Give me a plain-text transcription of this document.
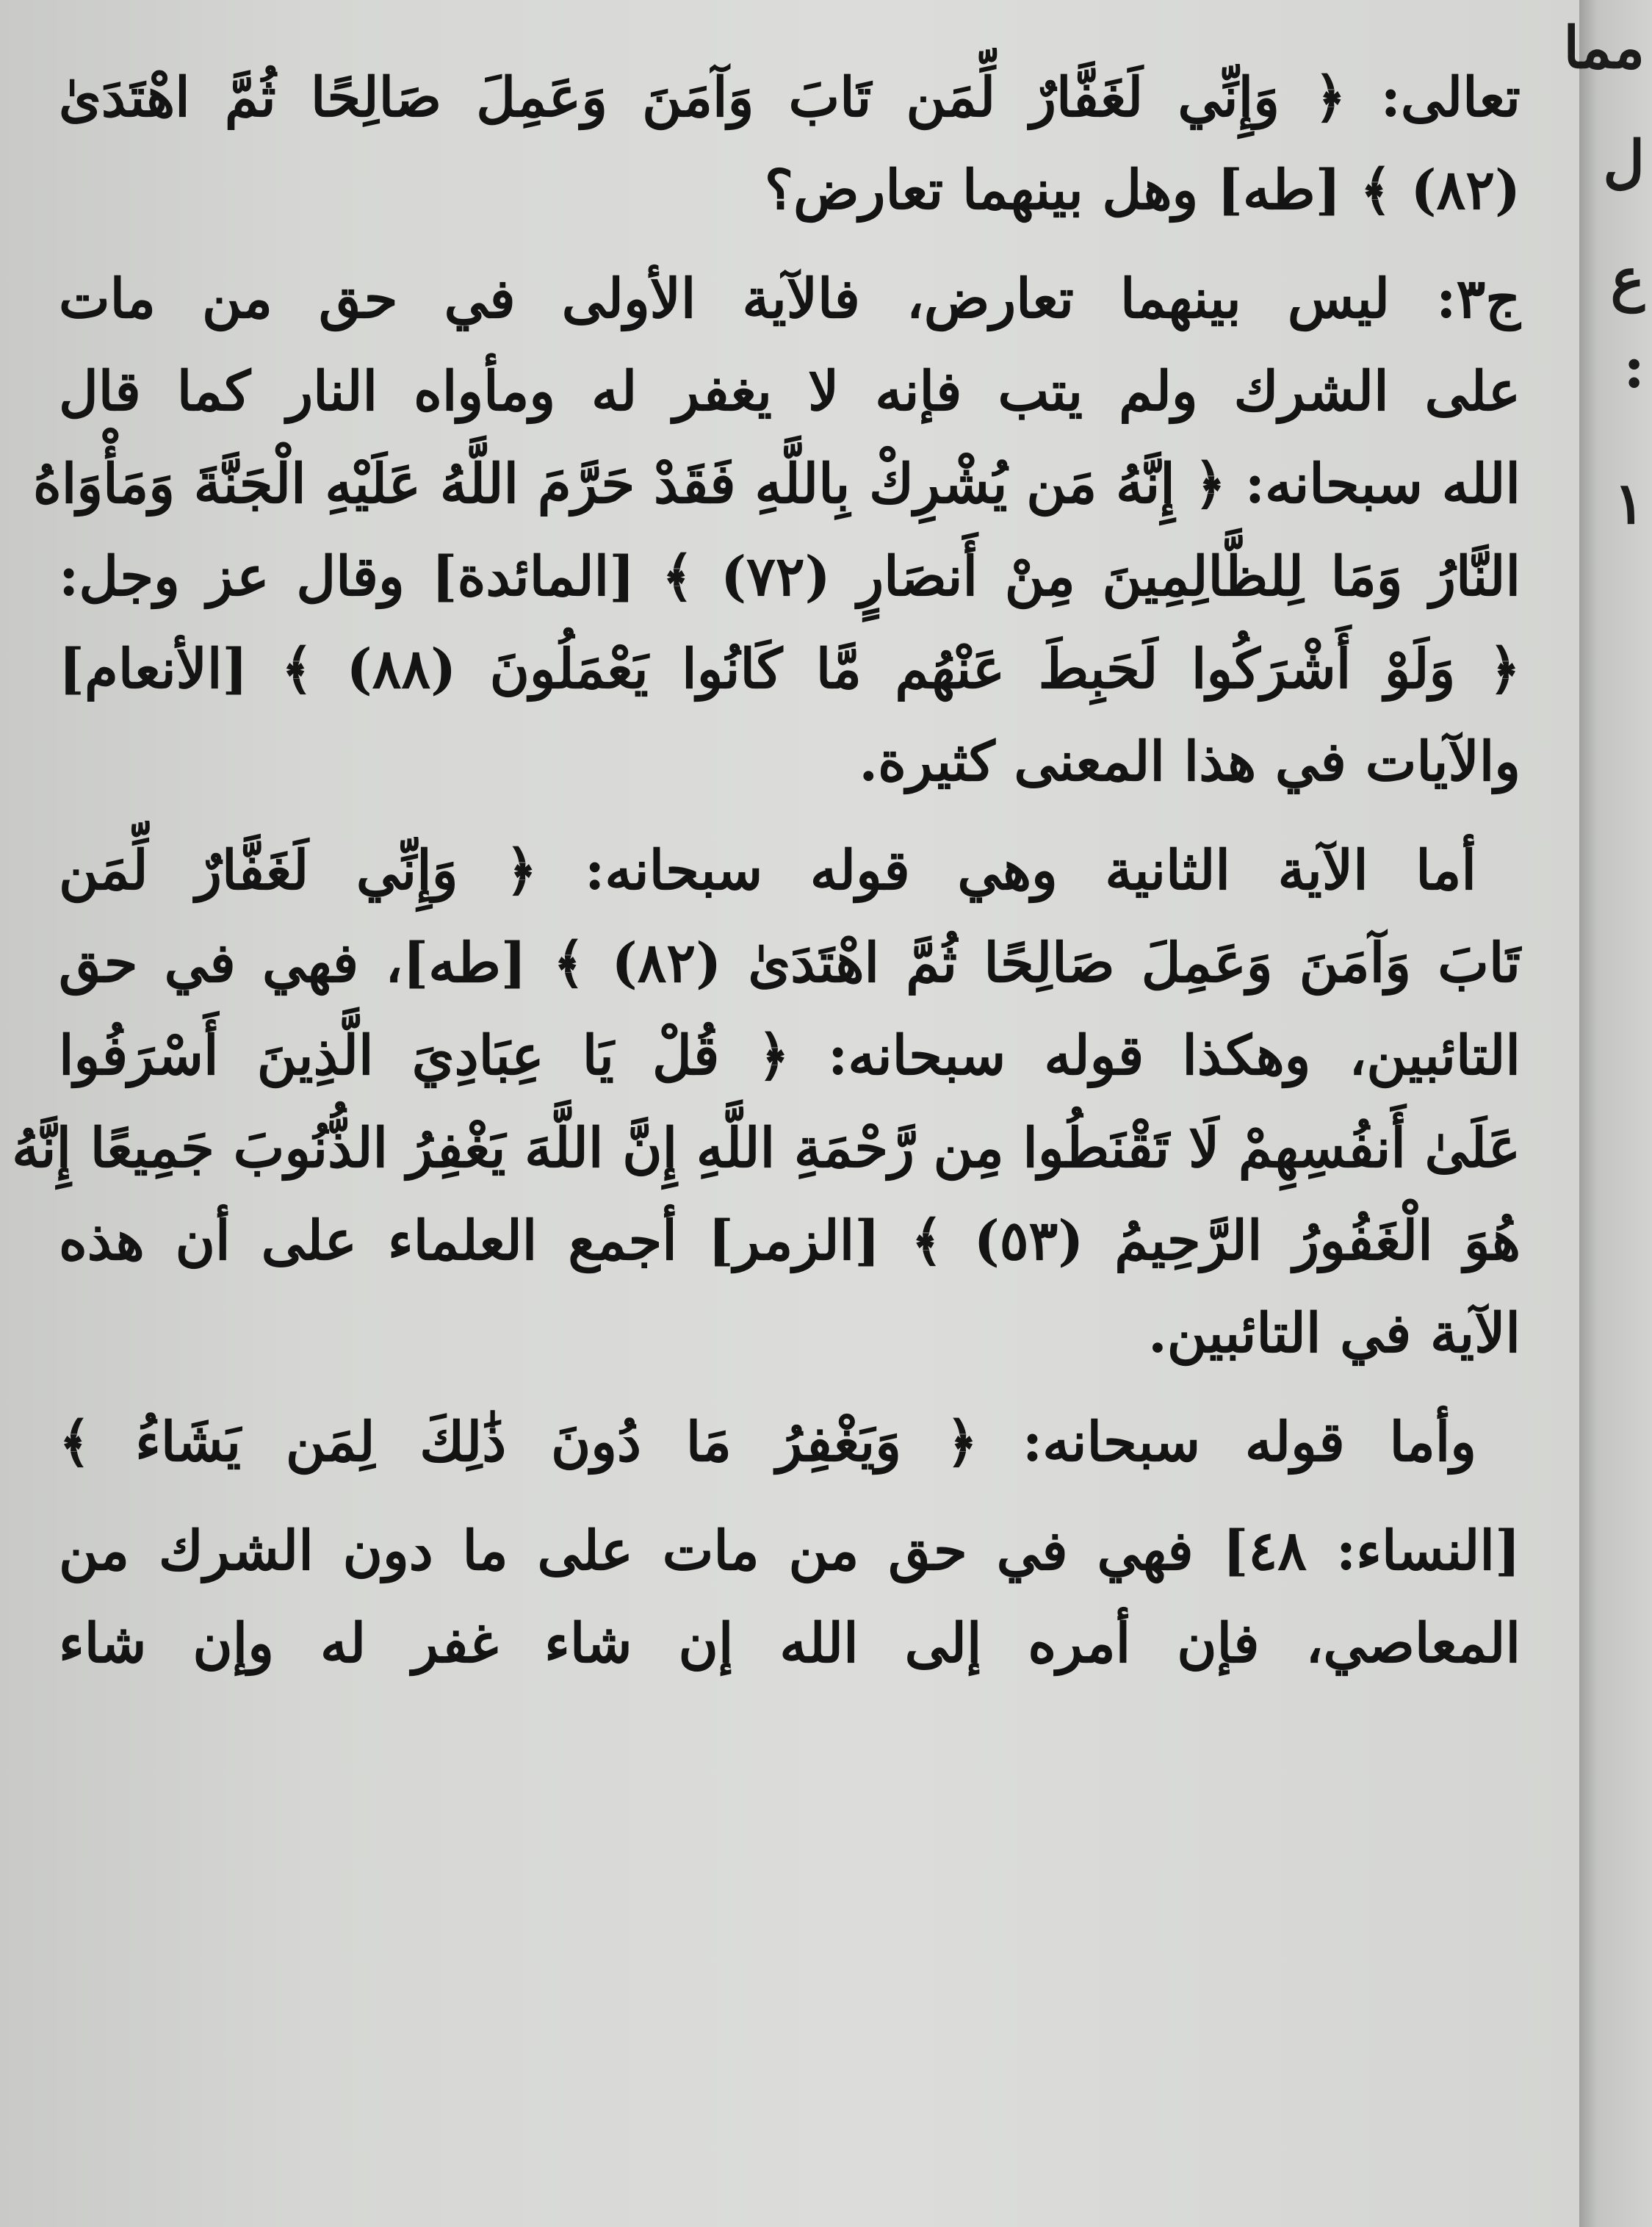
تعالى: ﴿ وَإِنِّي لَغَفَّارٌ لِّمَن تَابَ وَآمَنَ وَعَمِلَ صَالِحًا ثُمَّ اهْتَدَىٰ
(٨٢) ﴾ [طه] وهل بينهما تعارض؟
ج٣: ليس بينهما تعارض، فالآية الأولى في حق من مات
على الشرك ولم يتب فإنه لا يغفر له ومأواه النار كما قال
الله سبحانه: ﴿ إِنَّهُ مَن يُشْرِكْ بِاللَّهِ فَقَدْ حَرَّمَ اللَّهُ عَلَيْهِ الْجَنَّةَ وَمَأْوَاهُ
النَّارُ وَمَا لِلظَّالِمِينَ مِنْ أَنصَارٍ (٧٢) ﴾ [المائدة] وقال عز وجل:
﴿ وَلَوْ أَشْرَكُوا لَحَبِطَ عَنْهُم مَّا كَانُوا يَعْمَلُونَ (٨٨) ﴾ [الأنعام]
والآيات في هذا المعنى كثيرة.
أما الآية الثانية وهي قوله سبحانه: ﴿ وَإِنِّي لَغَفَّارٌ لِّمَن
تَابَ وَآمَنَ وَعَمِلَ صَالِحًا ثُمَّ اهْتَدَىٰ (٨٢) ﴾ [طه]، فهي في حق
التائبين، وهكذا قوله سبحانه: ﴿ قُلْ يَا عِبَادِيَ الَّذِينَ أَسْرَفُوا
عَلَىٰ أَنفُسِهِمْ لَا تَقْنَطُوا مِن رَّحْمَةِ اللَّهِ إِنَّ اللَّهَ يَغْفِرُ الذُّنُوبَ جَمِيعًا إِنَّهُ
هُوَ الْغَفُورُ الرَّحِيمُ (٥٣) ﴾ [الزمر] أجمع العلماء على أن هذه
الآية في التائبين.
وأما قوله سبحانه: ﴿ وَيَغْفِرُ مَا دُونَ ذَٰلِكَ لِمَن يَشَاءُ ﴾
[النساء: ٤٨] فهي في حق من مات على ما دون الشرك من
المعاصي، فإن أمره إلى الله إن شاء غفر له وإن شاء
مما
ل
ع
:
١
